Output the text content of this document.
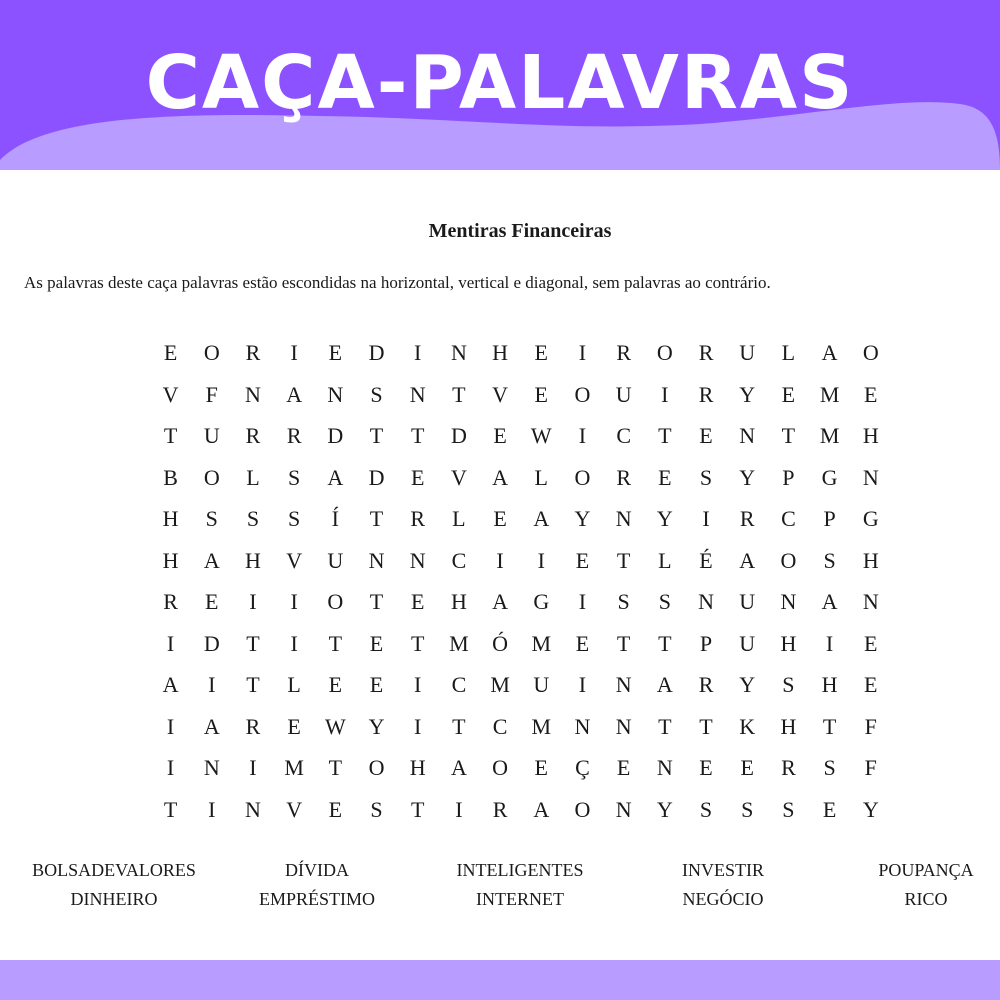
CAÇA-PALAVRAS
Mentiras Financeiras
As palavras deste caça palavras estão escondidas na horizontal, vertical e diagonal, sem palavras ao contrário.
E	O	R	I	E	D	I	N	H	E	I	R	O	R	U	L	A	O
V	F	N	A	N	S	N	T	V	E	O	U	I	R	Y	E	M	E
T	U	R	R	D	T	T	D	E	W	I	C	T	E	N	T	M	H
B	O	L	S	A	D	E	V	A	L	O	R	E	S	Y	P	G	N
H	S	S	S	Í	T	R	L	E	A	Y	N	Y	I	R	C	P	G
H	A	H	V	U	N	N	C	I	I	E	T	L	É	A	O	S	H
R	E	I	I	O	T	E	H	A	G	I	S	S	N	U	N	A	N
I	D	T	I	T	E	T	M	Ó	M	E	T	T	P	U	H	I	E
A	I	T	L	E	E	I	C	M	U	I	N	A	R	Y	S	H	E
I	A	R	E	W	Y	I	T	C	M	N	N	T	T	K	H	T	F
I	N	I	M	T	O	H	A	O	E	Ç	E	N	E	E	R	S	F
T	I	N	V	E	S	T	I	R	A	O	N	Y	S	S	S	E	Y
BOLSADEVALORES
DINHEIRO
DÍVIDA
EMPRÉSTIMO
INTELIGENTES
INTERNET
INVESTIR
NEGÓCIO
POUPANÇA
RICO
